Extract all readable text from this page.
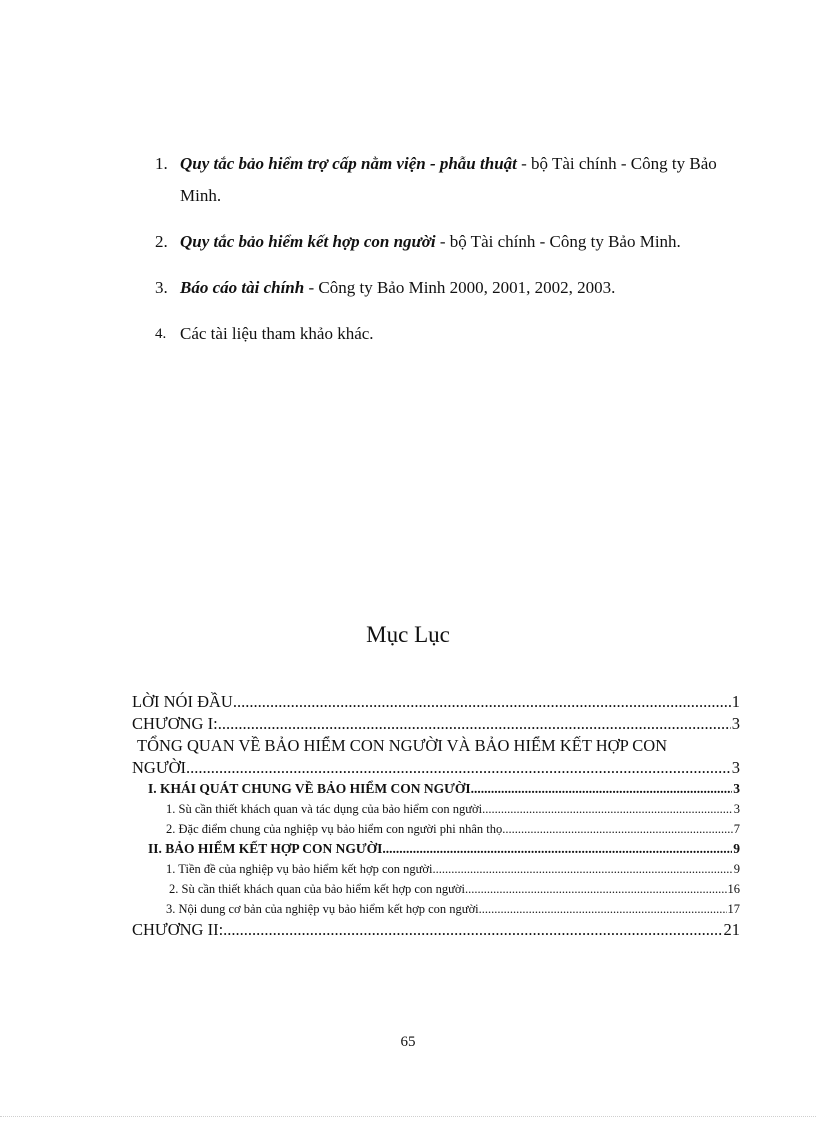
1. Quy tắc bảo hiểm trợ cấp nằm viện - phẫu thuật - bộ Tài chính - Công ty Bảo Minh.
2. Quy tắc bảo hiểm kết hợp con người - bộ Tài chính - Công ty Bảo Minh.
3. Báo cáo tài chính - Công ty Bảo Minh 2000, 2001, 2002, 2003.
4. Các tài liệu tham khảo khác.
Mục Lục
LỜI NÓI ĐẦU .....	1
CHƯƠNG I: .....	3
TỔNG QUAN VỀ BẢO HIỂM CON NGƯỜI VÀ BẢO HIỂM KẾT HỢP CON
NGƯỜI .....	3
I. KHÁI QUÁT CHUNG VỀ BẢO HIỂM CON NGƯỜI .....	3
1. Sù cần thiết khách quan và tác dụng của bảo hiểm con người. .....	3
2. Đặc điểm chung của nghiệp vụ bảo hiểm con người phi nhân thọ. .....	7
II. BẢO HIỂM KẾT HỢP CON NGƯỜI .....	9
1. Tiền đề của nghiệp vụ bảo hiểm kết hợp con người. .....	9
2. Sù cần thiết khách quan của bảo hiểm kết hợp con người .....	16
3. Nội dung cơ bản của nghiệp vụ bảo hiểm kết hợp con người. .....	17
CHƯƠNG II: .....	21
65
